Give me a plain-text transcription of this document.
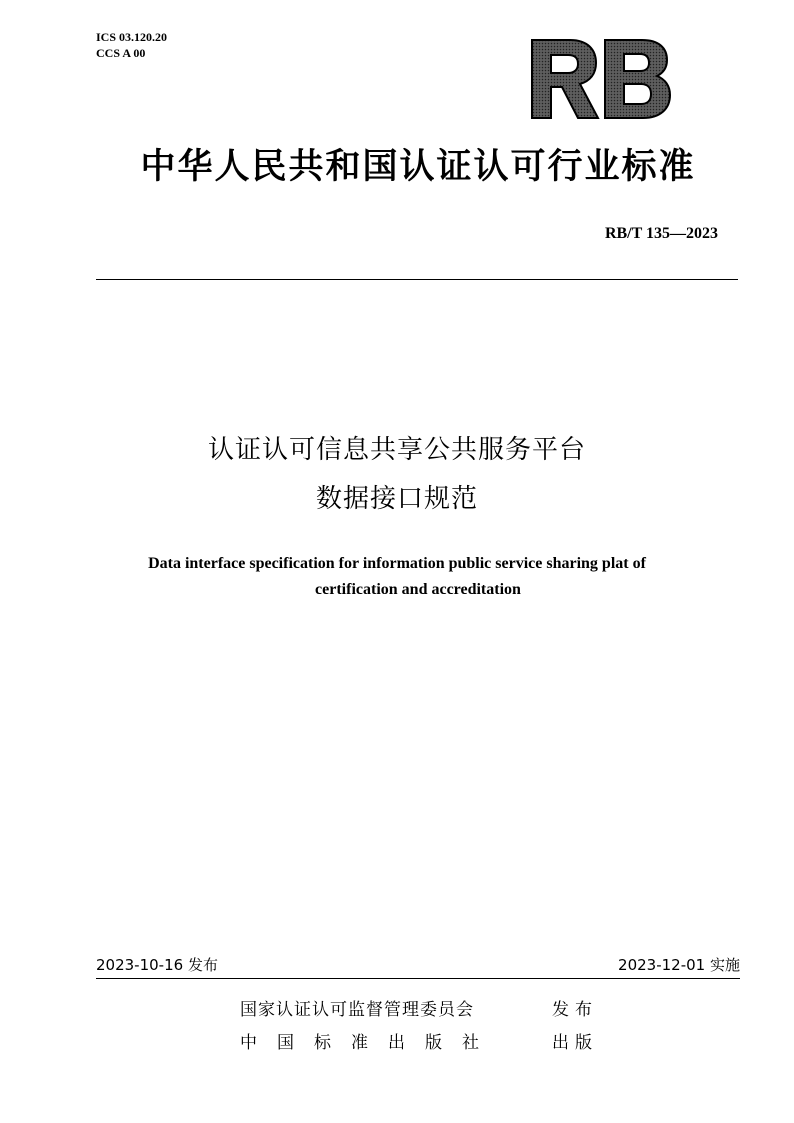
ICS 03.120.20
CCS A 00
中华人民共和国认证认可行业标准
RB/T 135—2023
认证认可信息共享公共服务平台
数据接口规范
Data interface specification for information public service sharing plat of
certification and accreditation
2023-10-16 发布	2023-12-01 实施
国家认证认可监督管理委员会	发布
中国标准出版社	出版
